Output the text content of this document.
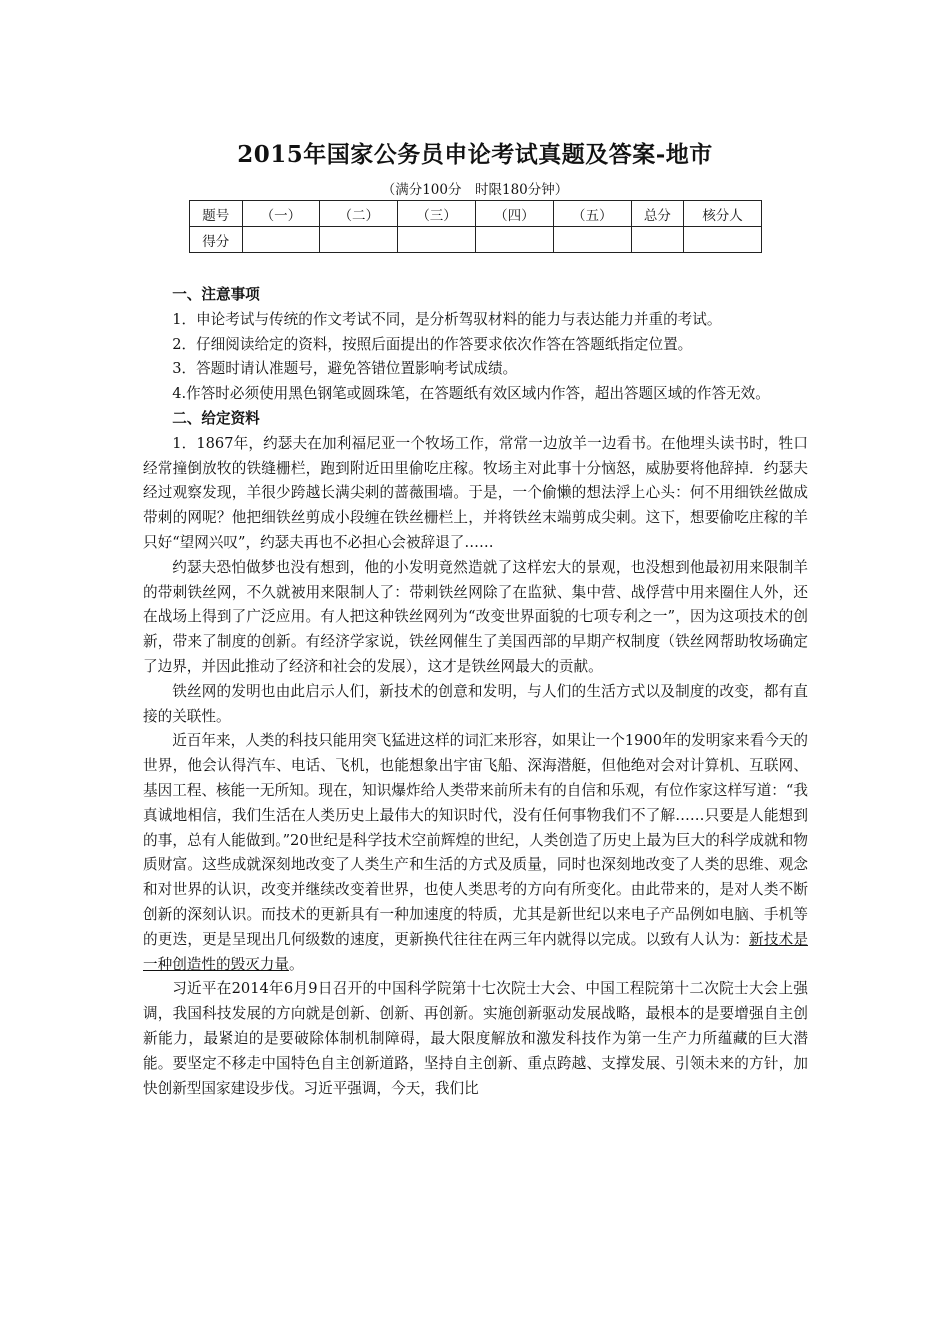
2015年国家公务员申论考试真题及答案-地市
（满分100分　时限180分钟）
题号	（一）	（二）	（三）	（四）	（五）	总分	核分人
得分							
一、注意事项

1．申论考试与传统的作文考试不同，是分析驾驭材料的能力与表达能力并重的考试。

2．仔细阅读给定的资料，按照后面提出的作答要求依次作答在答题纸指定位置。

3．答题时请认准题号，避免答错位置影响考试成绩。

4.作答时必须使用黑色钢笔或圆珠笔，在答题纸有效区域内作答，超出答题区域的作答无效。

二、给定资料

1．1867年，约瑟夫在加利福尼亚一个牧场工作，常常一边放羊一边看书。在他埋头读书时，牲口经常撞倒放牧的铁缝栅栏，跑到附近田里偷吃庄稼。牧场主对此事十分恼怒，威胁要将他辞掉．约瑟夫经过观察发现，羊很少跨越长满尖刺的蔷薇围墙。于是，一个偷懒的想法浮上心头：何不用细铁丝做成带刺的网呢？他把细铁丝剪成小段缠在铁丝栅栏上，并将铁丝末端剪成尖刺。这下，想要偷吃庄稼的羊只好“望网兴叹”，约瑟夫再也不必担心会被辞退了……

约瑟夫恐怕做梦也没有想到，他的小发明竟然造就了这样宏大的景观，也没想到他最初用来限制羊的带刺铁丝网，不久就被用来限制人了：带刺铁丝网除了在监狱、集中营、战俘营中用来圈住人外，还在战场上得到了广泛应用。有人把这种铁丝网列为“改变世界面貌的七项专利之一”，因为这项技术的创新，带来了制度的创新。有经济学家说，铁丝网催生了美国西部的早期产权制度（铁丝网帮助牧场确定了边界，并因此推动了经济和社会的发展），这才是铁丝网最大的贡献。

铁丝网的发明也由此启示人们，新技术的创意和发明，与人们的生活方式以及制度的改变，都有直接的关联性。

近百年来，人类的科技只能用突飞猛进这样的词汇来形容，如果让一个1900年的发明家来看今天的世界，他会认得汽车、电话、飞机，也能想象出宇宙飞船、深海潜艇，但他绝对会对计算机、互联网、基因工程、核能一无所知。现在，知识爆炸给人类带来前所未有的自信和乐观，有位作家这样写道：“我真诚地相信，我们生活在人类历史上最伟大的知识时代，没有任何事物我们不了解……只要是人能想到的事，总有人能做到。”20世纪是科学技术空前辉煌的世纪，人类创造了历史上最为巨大的科学成就和物质财富。这些成就深刻地改变了人类生产和生活的方式及质量，同时也深刻地改变了人类的思维、观念和对世界的认识，改变并继续改变着世界，也使人类思考的方向有所变化。由此带来的，是对人类不断创新的深刻认识。而技术的更新具有一种加速度的特质，尤其是新世纪以来电子产品例如电脑、手机等的更迭，更是呈现出几何级数的速度，更新换代往往在两三年内就得以完成。以致有人认为：新技术是一种创造性的毁灭力量。

习近平在2014年6月9日召开的中国科学院第十七次院士大会、中国工程院第十二次院士大会上强调，我国科技发展的方向就是创新、创新、再创新。实施创新驱动发展战略，最根本的是要增强自主创新能力，最紧迫的是要破除体制机制障碍，最大限度解放和激发科技作为第一生产力所蕴藏的巨大潜能。要坚定不移走中国特色自主创新道路，坚持自主创新、重点跨越、支撑发展、引领未来的方针，加快创新型国家建设步伐。习近平强调，今天，我们比
